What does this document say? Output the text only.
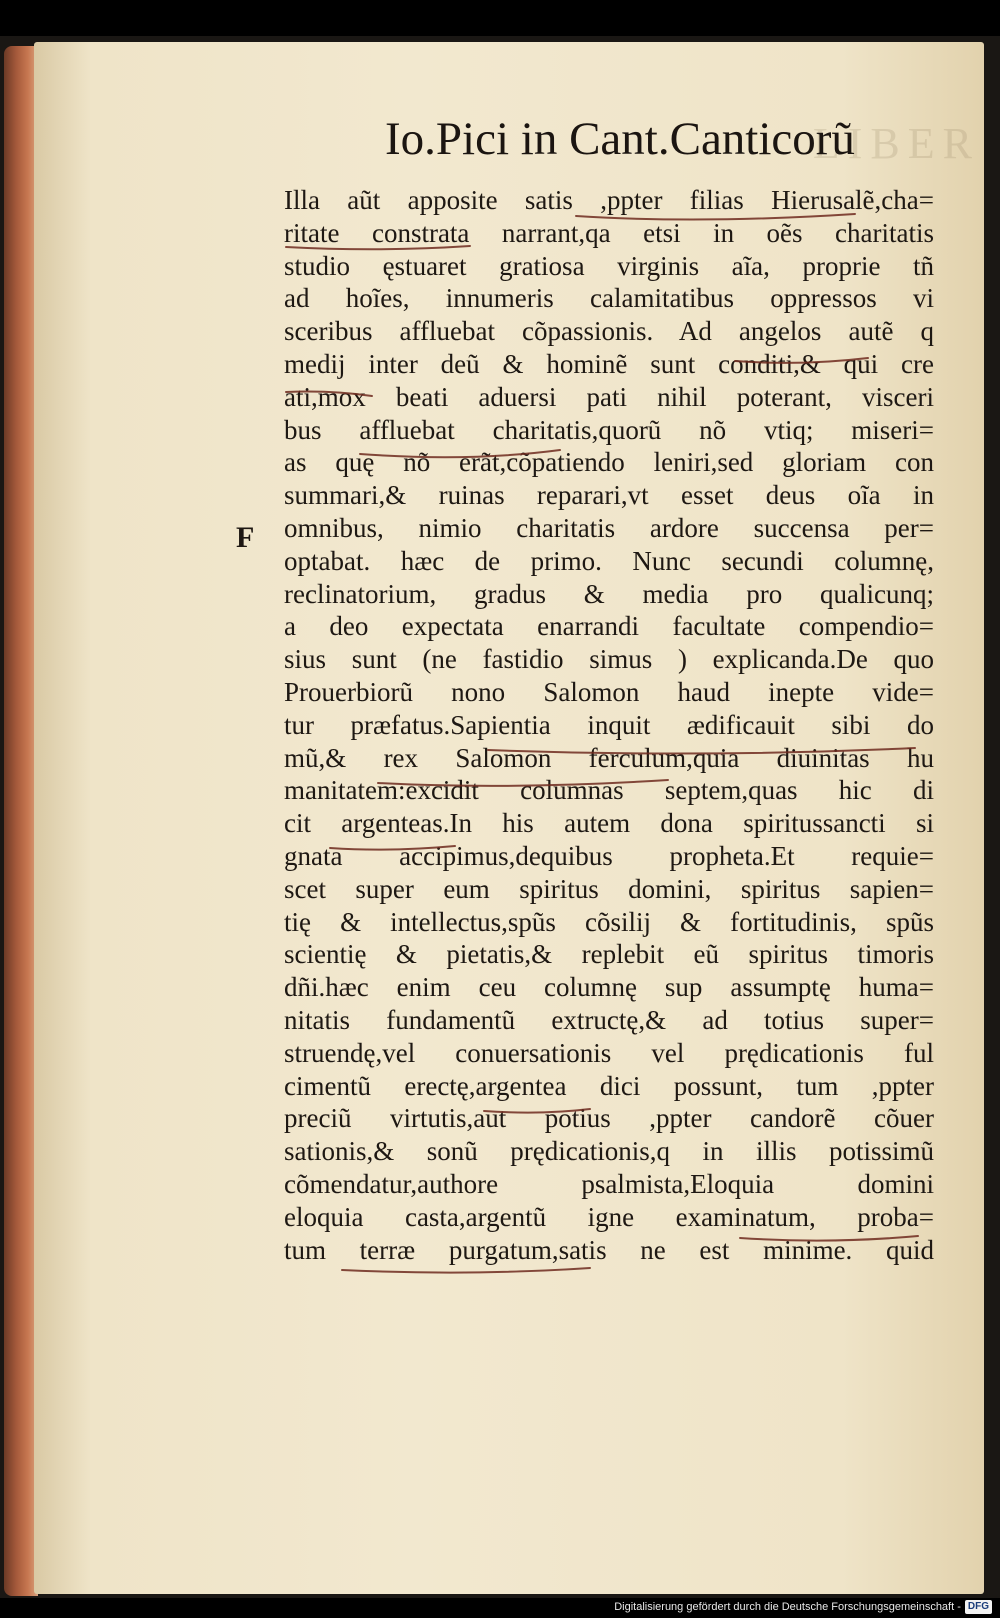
LIBER
Io.Pici in Cant.Canticorũ
F
Illa aũt apposite satis ,ppter filias Hierusalẽ,cha=
ritate constrata narrant,qa etsi in oẽs charitatis
studio ęstuaret gratiosa virginis aĩa, proprie tñ
ad hoĩes, innumeris calamitatibus oppressos vi
sceribus affluebat cõpassionis. Ad angelos autẽ q
medij inter deũ & hominẽ sunt conditi,& qui cre
ati,mox beati aduersi pati nihil poterant, visceri
bus affluebat charitatis,quorũ nõ vtiq; miseri=
as quę nõ erãt,cõpatiendo leniri,sed gloriam con
summari,& ruinas reparari,vt esset deus oĩa in
omnibus, nimio charitatis ardore succensa per=
optabat. hæc de primo. Nunc secundi columnę,
reclinatorium, gradus & media pro qualicunq;
a deo expectata enarrandi facultate compendio=
sius sunt (ne fastidio simus ) explicanda.De quo
Prouerbiorũ nono Salomon haud inepte vide=
tur præfatus.Sapientia inquit ædificauit sibi do
mũ,& rex Salomon ferculum,quia diuinitas hu
manitatem:excidit columnas septem,quas hic di
cit argenteas.In his autem dona spiritussancti si
gnata accipimus,dequibus propheta.Et requie=
scet super eum spiritus domini, spiritus sapien=
tię & intellectus,spũs cõsilij & fortitudinis, spũs
scientię & pietatis,& replebit eũ spiritus timoris
dñi.hæc enim ceu columnę sup assumptę huma=
nitatis fundamentũ extructę,& ad totius super=
struendę,vel conuersationis vel prędicationis ful
cimentũ erectę,argentea dici possunt, tum ,ppter
preciũ virtutis,aut potius ,ppter candorẽ cõuer
sationis,& sonũ prędicationis,q in illis potissimũ
cõmendatur,authore psalmista,Eloquia domini
eloquia casta,argentũ igne examinatum, proba=
tum terræ purgatum,satis ne est minime. quid
Digitalisierung gefördert durch die Deutsche Forschungsgemeinschaft - DFG
